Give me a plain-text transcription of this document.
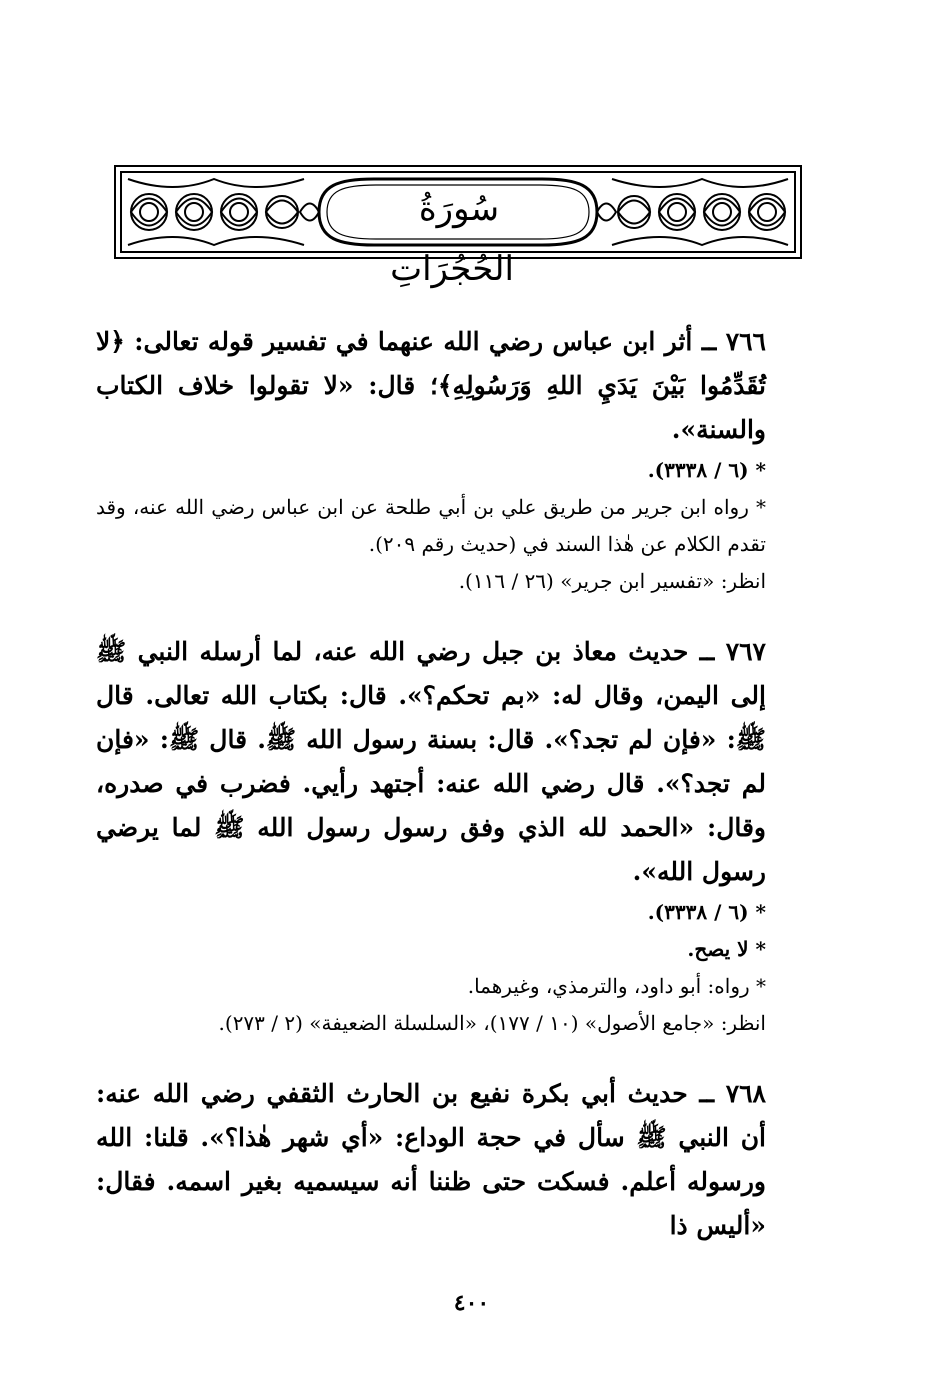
سُورَةُ الحُجُرَاتِ

٧٦٦ ــ أثر ابن عباس رضي الله عنهما في تفسير قوله تعالى: ﴿لا تُقَدِّمُوا بَيْنَ يَدَيِ اللهِ وَرَسُولِهِ﴾؛ قال: «لا تقولوا خلاف الكتاب والسنة».

* (٦ / ٣٣٣٨).

* رواه ابن جرير من طريق علي بن أبي طلحة عن ابن عباس رضي الله عنه، وقد تقدم الكلام عن هٰذا السند في (حديث رقم ٢٠٩).

انظر: «تفسير ابن جرير» (٢٦ / ١١٦).

٧٦٧ ــ حديث معاذ بن جبل رضي الله عنه، لما أرسله النبي ﷺ إلى اليمن، وقال له: «بم تحكم؟». قال: بكتاب الله تعالى. قال ﷺ: «فإن لم تجد؟». قال: بسنة رسول الله ﷺ. قال ﷺ: «فإن لم تجد؟». قال رضي الله عنه: أجتهد رأيي. فضرب في صدره، وقال: «الحمد لله الذي وفق رسول رسول الله ﷺ لما يرضي رسول الله».

* (٦ / ٣٣٣٨).

* لا يصح.

* رواه: أبو داود، والترمذي، وغيرهما.

انظر: «جامع الأصول» (١٠ / ١٧٧)، «السلسلة الضعيفة» (٢ / ٢٧٣).

٧٦٨ ــ حديث أبي بكرة نفيع بن الحارث الثقفي رضي الله عنه: أن النبي ﷺ سأل في حجة الوداع: «أي شهر هٰذا؟». قلنا: الله ورسوله أعلم. فسكت حتى ظننا أنه سيسميه بغير اسمه. فقال: «أليس ذا

٤٠٠
